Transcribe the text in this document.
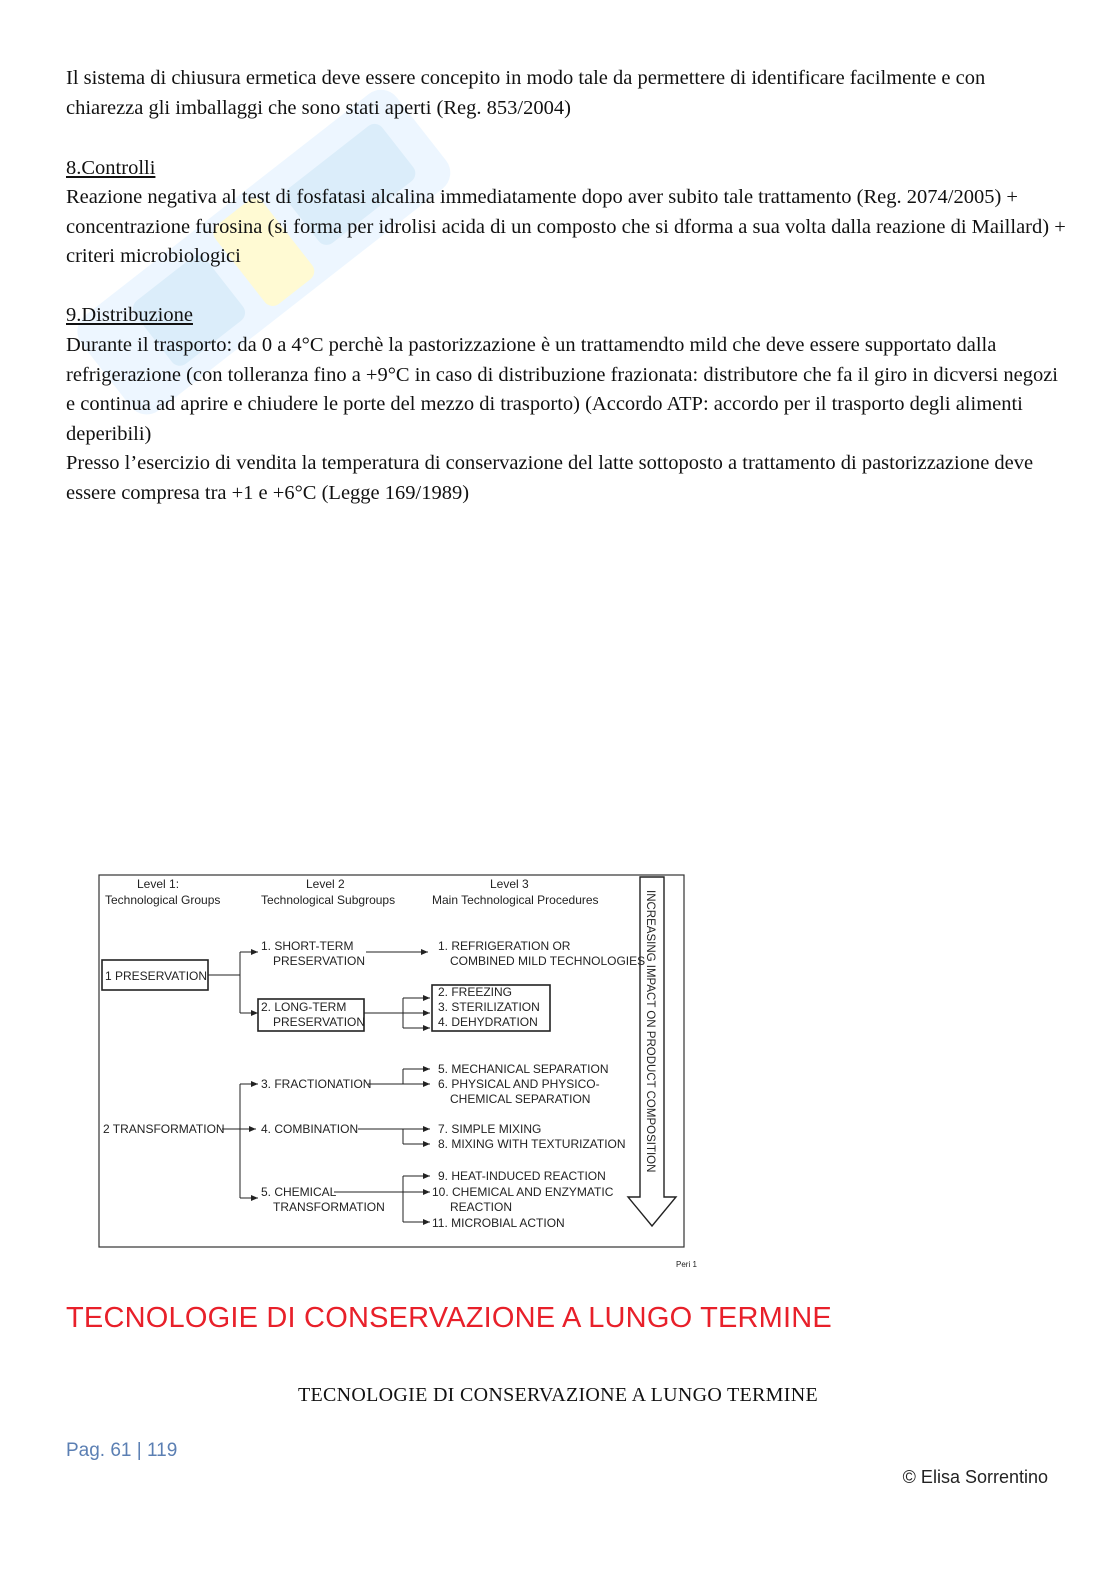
Il sistema di chiusura ermetica deve essere concepito in modo tale da permettere di identificare facilmente e con chiarezza gli imballaggi che sono stati aperti (Reg. 853/2004)

8.Controlli

Reazione negativa al test di fosfatasi alcalina immediatamente dopo aver subito tale trattamento (Reg. 2074/2005) + concentrazione furosina (si forma per idrolisi acida di un composto che si dforma a sua volta dalla reazione di Maillard) + criteri microbiologici

9.Distribuzione

Durante il trasporto: da 0 a 4°C perchè la pastorizzazione è un trattamendto mild che deve essere supportato dalla refrigerazione (con tolleranza fino a +9°C in caso di distribuzione frazionata: distributore che fa il giro in dicversi negozi e continua ad aprire e chiudere le porte del mezzo di trasporto) (Accordo ATP: accordo per il trasporto degli alimenti deperibili)

Presso l’esercizio di vendita la temperatura di conservazione del latte sottoposto a trattamento di pastorizzazione deve essere compresa tra +1 e +6°C (Legge 169/1989)

Level 1:
Technological Groups
Level 2
Technological Subgroups
Level 3
Main Technological Procedures
1 PRESERVATION
1. SHORT-TERM
PRESERVATION
2. LONG-TERM
PRESERVATION
1. REFRIGERATION OR
COMBINED MILD TECHNOLOGIES
2. FREEZING
3. STERILIZATION
4. DEHYDRATION
2 TRANSFORMATION
3. FRACTIONATION
5. MECHANICAL SEPARATION
6. PHYSICAL AND PHYSICO-
CHEMICAL SEPARATION
4. COMBINATION	7. SIMPLE MIXING
8. MIXING WITH TEXTURIZATION
5. CHEMICAL
TRANSFORMATION
9. HEAT-INDUCED REACTION
10. CHEMICAL AND ENZYMATIC
REACTION
11. MICROBIAL ACTION
INCREASING IMPACT ON PRODUCT COMPOSITION
Peri 1
TECNOLOGIE DI CONSERVAZIONE A LUNGO TERMINE
TECNOLOGIE DI CONSERVAZIONE A LUNGO TERMINE
Pag. 61 | 119
© Elisa Sorrentino
